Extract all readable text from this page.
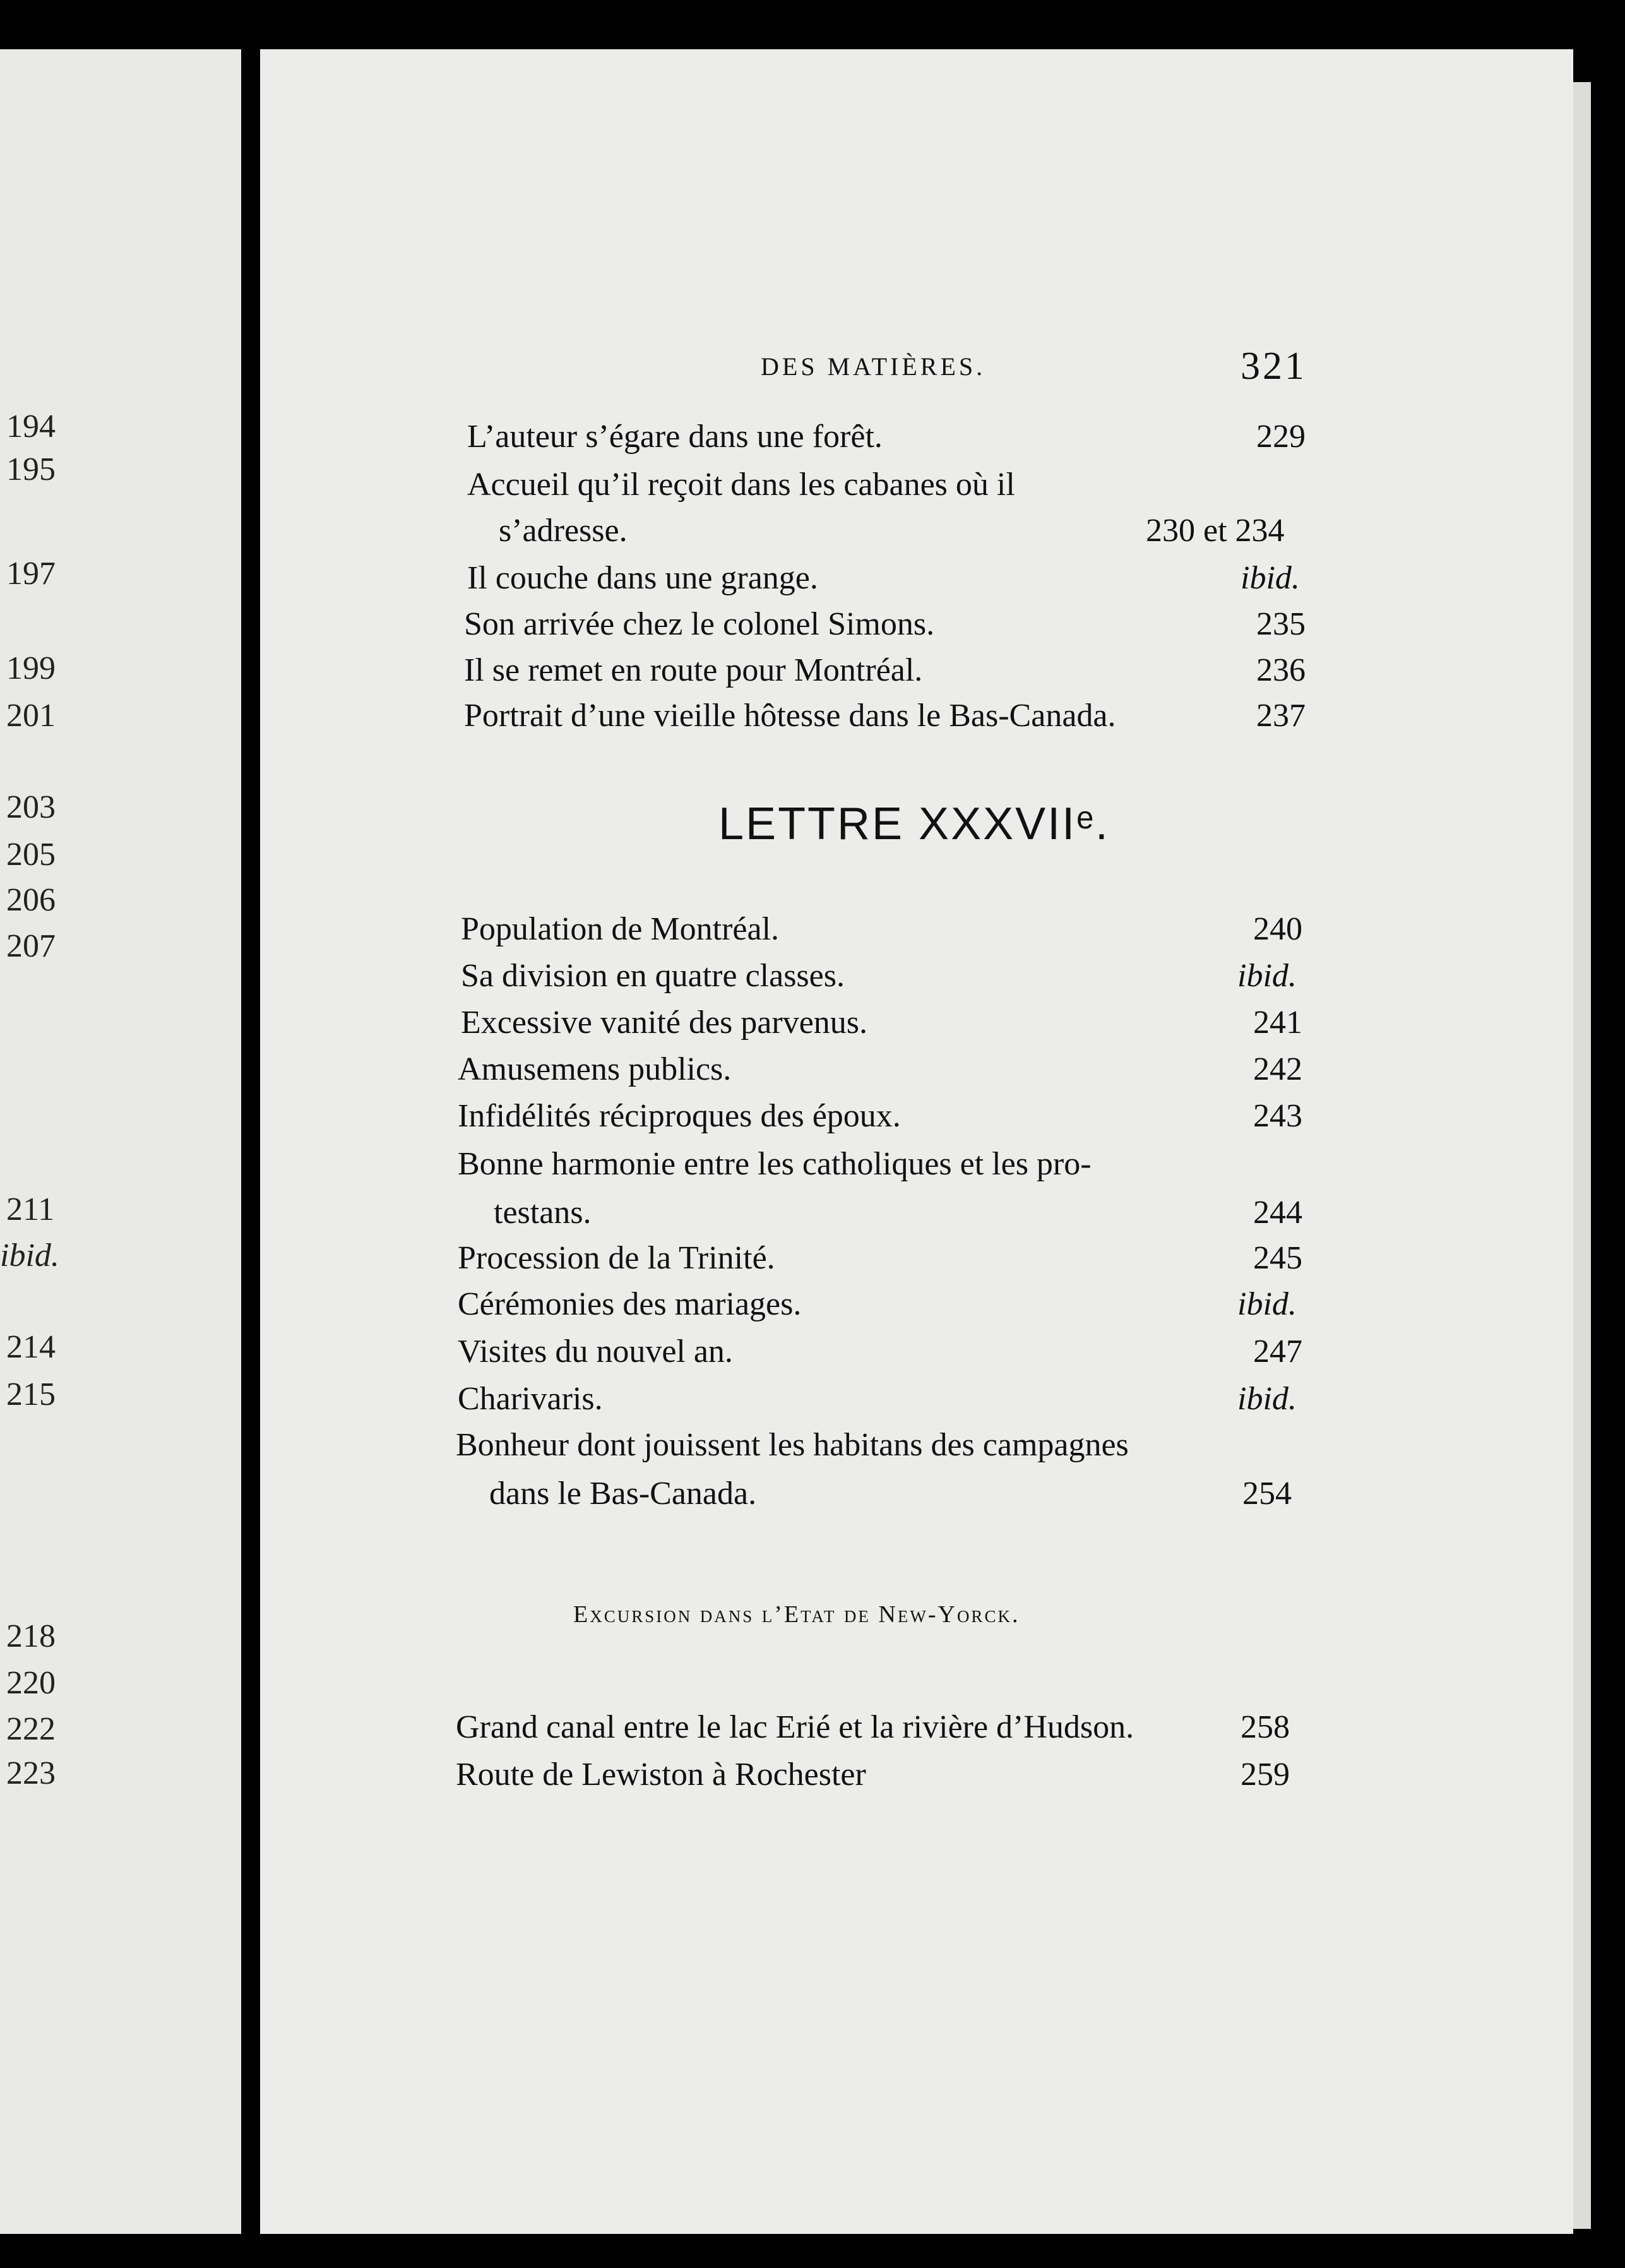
194
195
197
199
201
203
205
206
207
211
ibid.
214
215
218
220
222
223
DES MATIÈRES.	321
L’auteur s’égare dans une forêt.	229
Accueil qu’il reçoit dans les cabanes où il
s’adresse.	230 et 234
Il couche dans une grange.	ibid.
Son arrivée chez le colonel Simons.	235
Il se remet en route pour Montréal.	236
Portrait d’une vieille hôtesse dans le Bas-Canada.	237
LETTRE XXXVIIᵉ.
Population de Montréal.	240
Sa division en quatre classes.	ibid.
Excessive vanité des parvenus.	241
Amusemens publics.	242
Infidélités réciproques des époux.	243
Bonne harmonie entre les catholiques et les pro-
testans.	244
Procession de la Trinité.	245
Cérémonies des mariages.	ibid.
Visites du nouvel an.	247
Charivaris.	ibid.
Bonheur dont jouissent les habitans des campagnes
dans le Bas-Canada.	254
Excursion dans l’Etat de New-Yorck.
Grand canal entre le lac Erié et la rivière d’Hudson.	258
Route de Lewiston à Rochester	259
